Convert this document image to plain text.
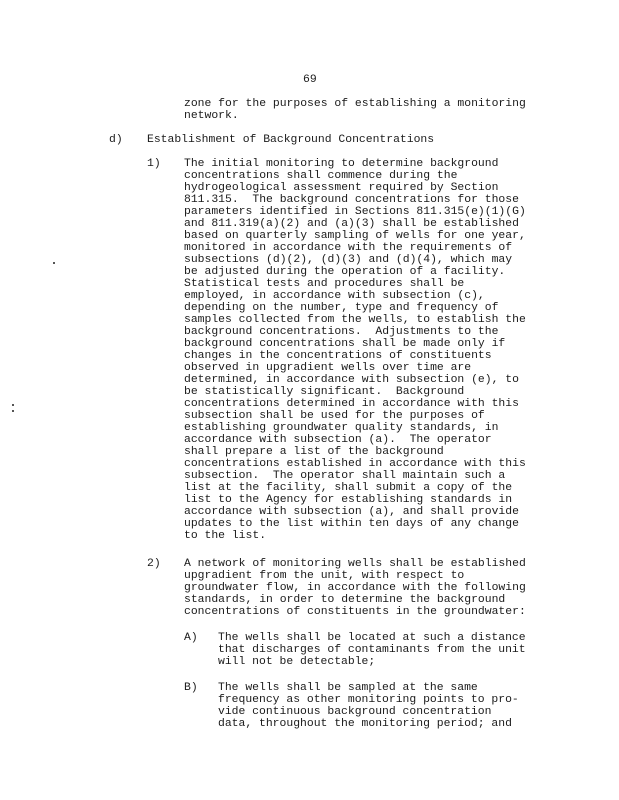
69
zone for the purposes of establishing a monitoring
network.
d) Establishment of Background Concentrations
1) The initial monitoring to determine background
concentrations shall commence during the
hydrogeological assessment required by Section
811.315.  The background concentrations for those
parameters identified in Sections 811.315(e)(1)(G)
and 811.319(a)(2) and (a)(3) shall be established
based on quarterly sampling of wells for one year,
monitored in accordance with the requirements of
subsections (d)(2), (d)(3) and (d)(4), which may
be adjusted during the operation of a facility.
Statistical tests and procedures shall be
employed, in accordance with subsection (c),
depending on the number, type and frequency of
samples collected from the wells, to establish the
background concentrations.  Adjustments to the
background concentrations shall be made only if
changes in the concentrations of constituents
observed in upgradient wells over time are
determined, in accordance with subsection (e), to
be statistically significant.  Background
concentrations determined in accordance with this
subsection shall be used for the purposes of
establishing groundwater quality standards, in
accordance with subsection (a).  The operator
shall prepare a list of the background
concentrations established in accordance with this
subsection.  The operator shall maintain such a
list at the facility, shall submit a copy of the
list to the Agency for establishing standards in
accordance with subsection (a), and shall provide
updates to the list within ten days of any change
to the list.
2) A network of monitoring wells shall be established
upgradient from the unit, with respect to
groundwater flow, in accordance with the following
standards, in order to determine the background
concentrations of constituents in the groundwater:
A) The wells shall be located at such a distance
that discharges of contaminants from the unit
will not be detectable;
B) The wells shall be sampled at the same
frequency as other monitoring points to pro-
vide continuous background concentration
data, throughout the monitoring period; and
